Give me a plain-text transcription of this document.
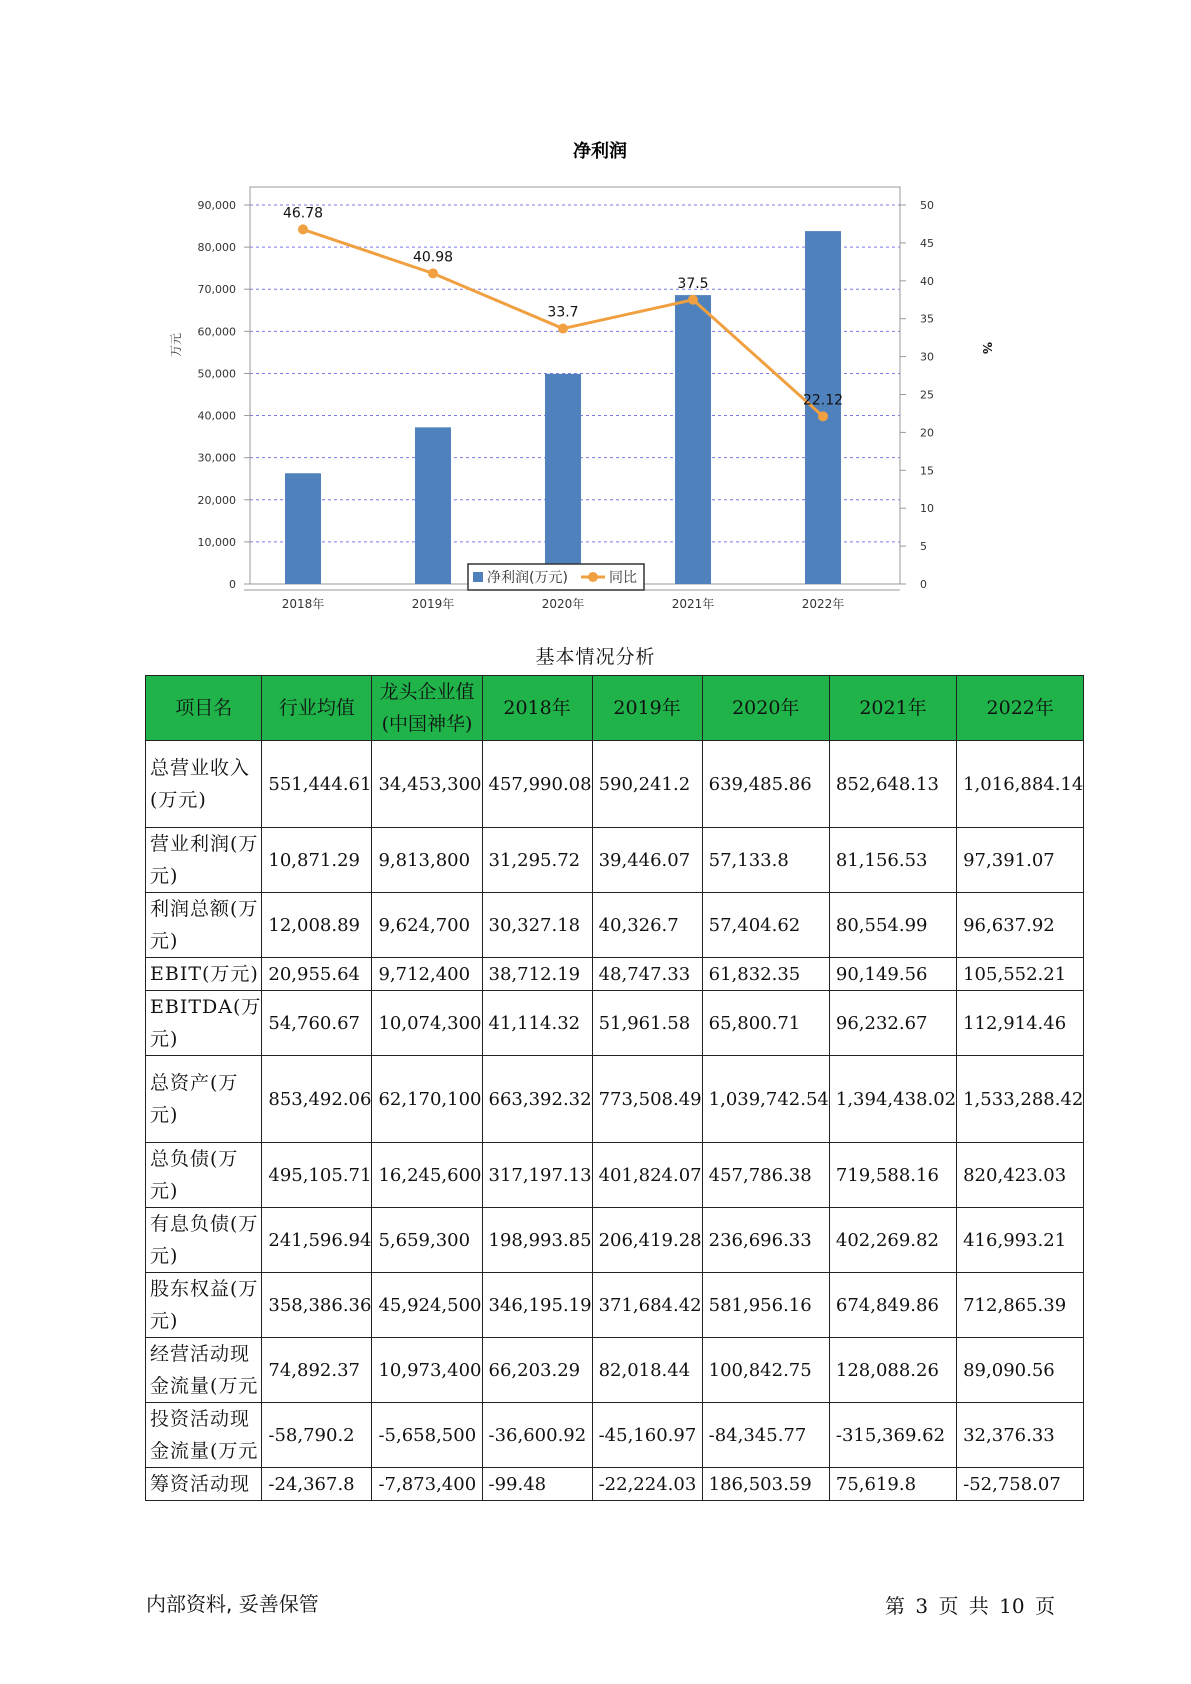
净利润
46.78
40.98
33.7
37.5
22.12
0
10,000
20,000
30,000
40,000
50,000
60,000
70,000
80,000
90,000
0
5
10
15
20
25
30
35
40
45
50
2018年	2019年	2020年	2021年	2022年
万元	%
净利润(万元)	同比
基本情况分析
项目名	行业均值	龙头企业值(中国神华)	2018年	2019年	2020年	2021年	2022年
总营业收入(万元)	551,444.61	34,453,300	457,990.08	590,241.2	639,485.86	852,648.13	1,016,884.14
营业利润(万元)	10,871.29	9,813,800	31,295.72	39,446.07	57,133.8	81,156.53	97,391.07
利润总额(万元)	12,008.89	9,624,700	30,327.18	40,326.7	57,404.62	80,554.99	96,637.92
EBIT(万元)	20,955.64	9,712,400	38,712.19	48,747.33	61,832.35	90,149.56	105,552.21
EBITDA(万元)	54,760.67	10,074,300	41,114.32	51,961.58	65,800.71	96,232.67	112,914.46
总资产(万元)	853,492.06	62,170,100	663,392.32	773,508.49	1,039,742.54	1,394,438.02	1,533,288.42
总负债(万元)	495,105.71	16,245,600	317,197.13	401,824.07	457,786.38	719,588.16	820,423.03
有息负债(万元)	241,596.94	5,659,300	198,993.85	206,419.28	236,696.33	402,269.82	416,993.21
股东权益(万元)	358,386.36	45,924,500	346,195.19	371,684.42	581,956.16	674,849.86	712,865.39
经营活动现金流量(万元	74,892.37	10,973,400	66,203.29	82,018.44	100,842.75	128,088.26	89,090.56
投资活动现金流量(万元	-58,790.2	-5,658,500	-36,600.92	-45,160.97	-84,345.77	-315,369.62	32,376.33
筹资活动现	-24,367.8	-7,873,400	-99.48	-22,224.03	186,503.59	75,619.8	-52,758.07
内部资料, 妥善保管	第 3 页 共 10 页
